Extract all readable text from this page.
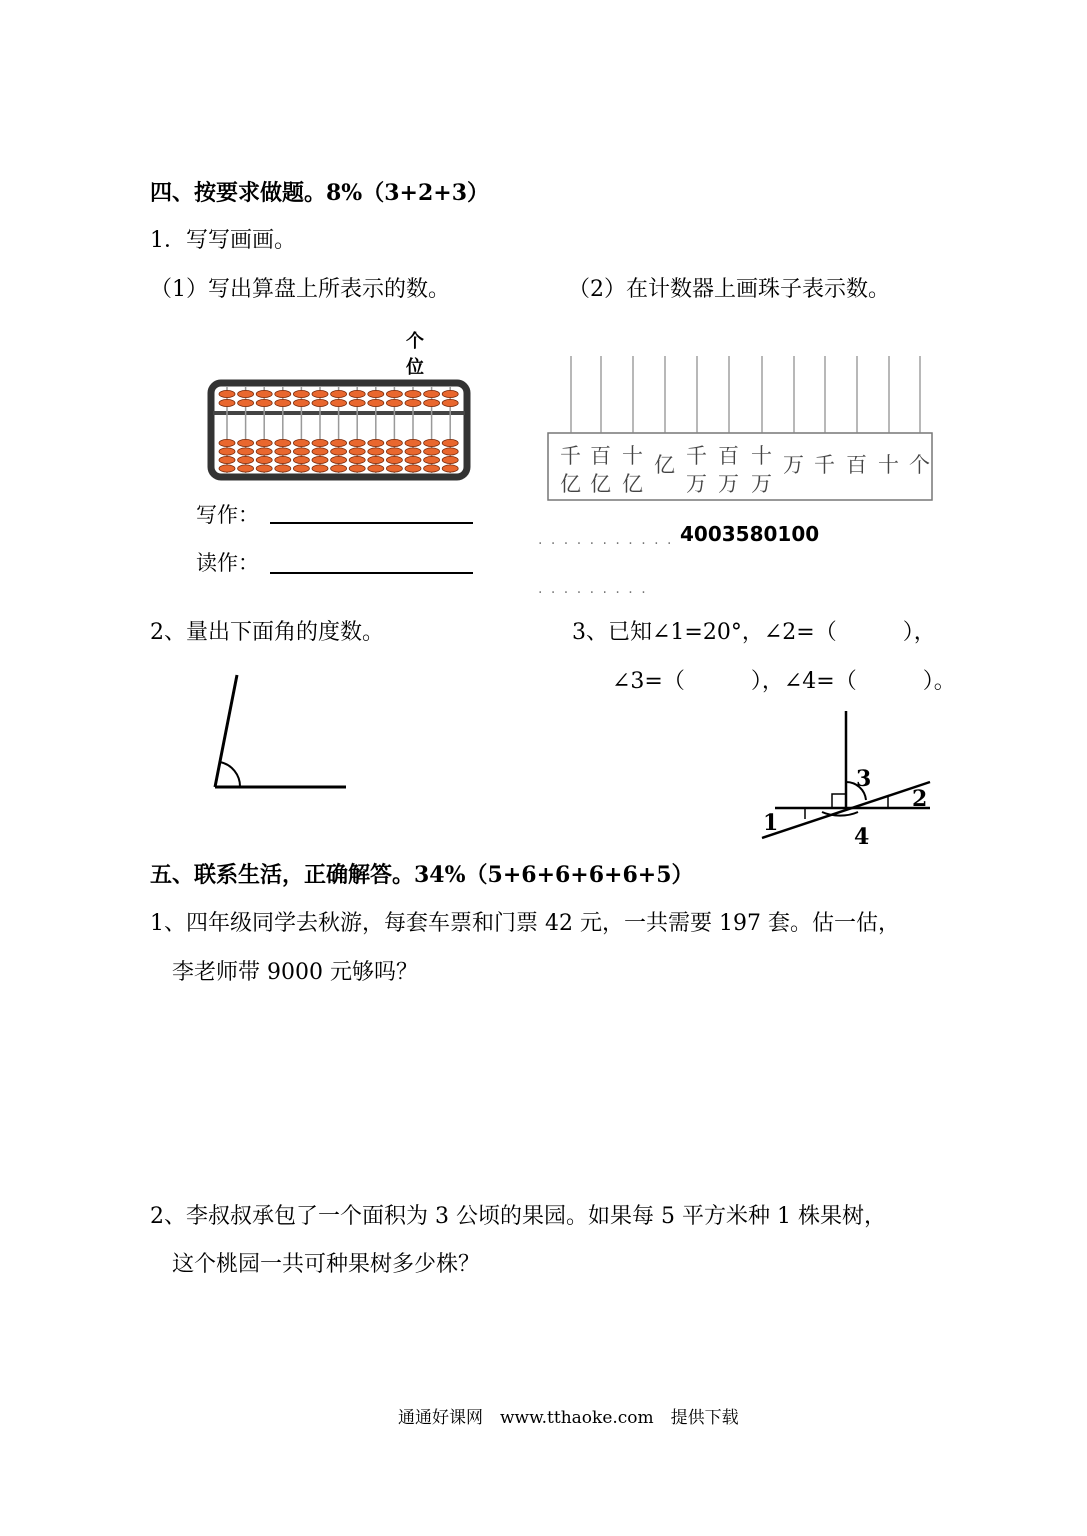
四、按要求做题。8%（3+2+3）
1．写写画画。
（1）写出算盘上所表示的数。	（2）在计数器上画珠子表示数。
个
位
写作：
读作：
千
亿
百
亿
十
亿
亿 千
万
百
万
十
万
万 千 百 十 个
. . . . . . . . . . . 4003580100
. . . . . . . . .
2、量出下面角的度数。	3、已知∠1=20°，∠2=（　　　），
∠3=（　　　），∠4=（　　　）。
1
2
3
4
五、联系生活，正确解答。34%（5+6+6+6+6+5）
1、四年级同学去秋游，每套车票和门票 42 元，一共需要 197 套。估一估，
李老师带 9000 元够吗？
2、李叔叔承包了一个面积为 3 公顷的果园。如果每 5 平方米种 1 株果树，
这个桃园一共可种果树多少株？
通通好课网　www.tthaoke.com　提供下载
